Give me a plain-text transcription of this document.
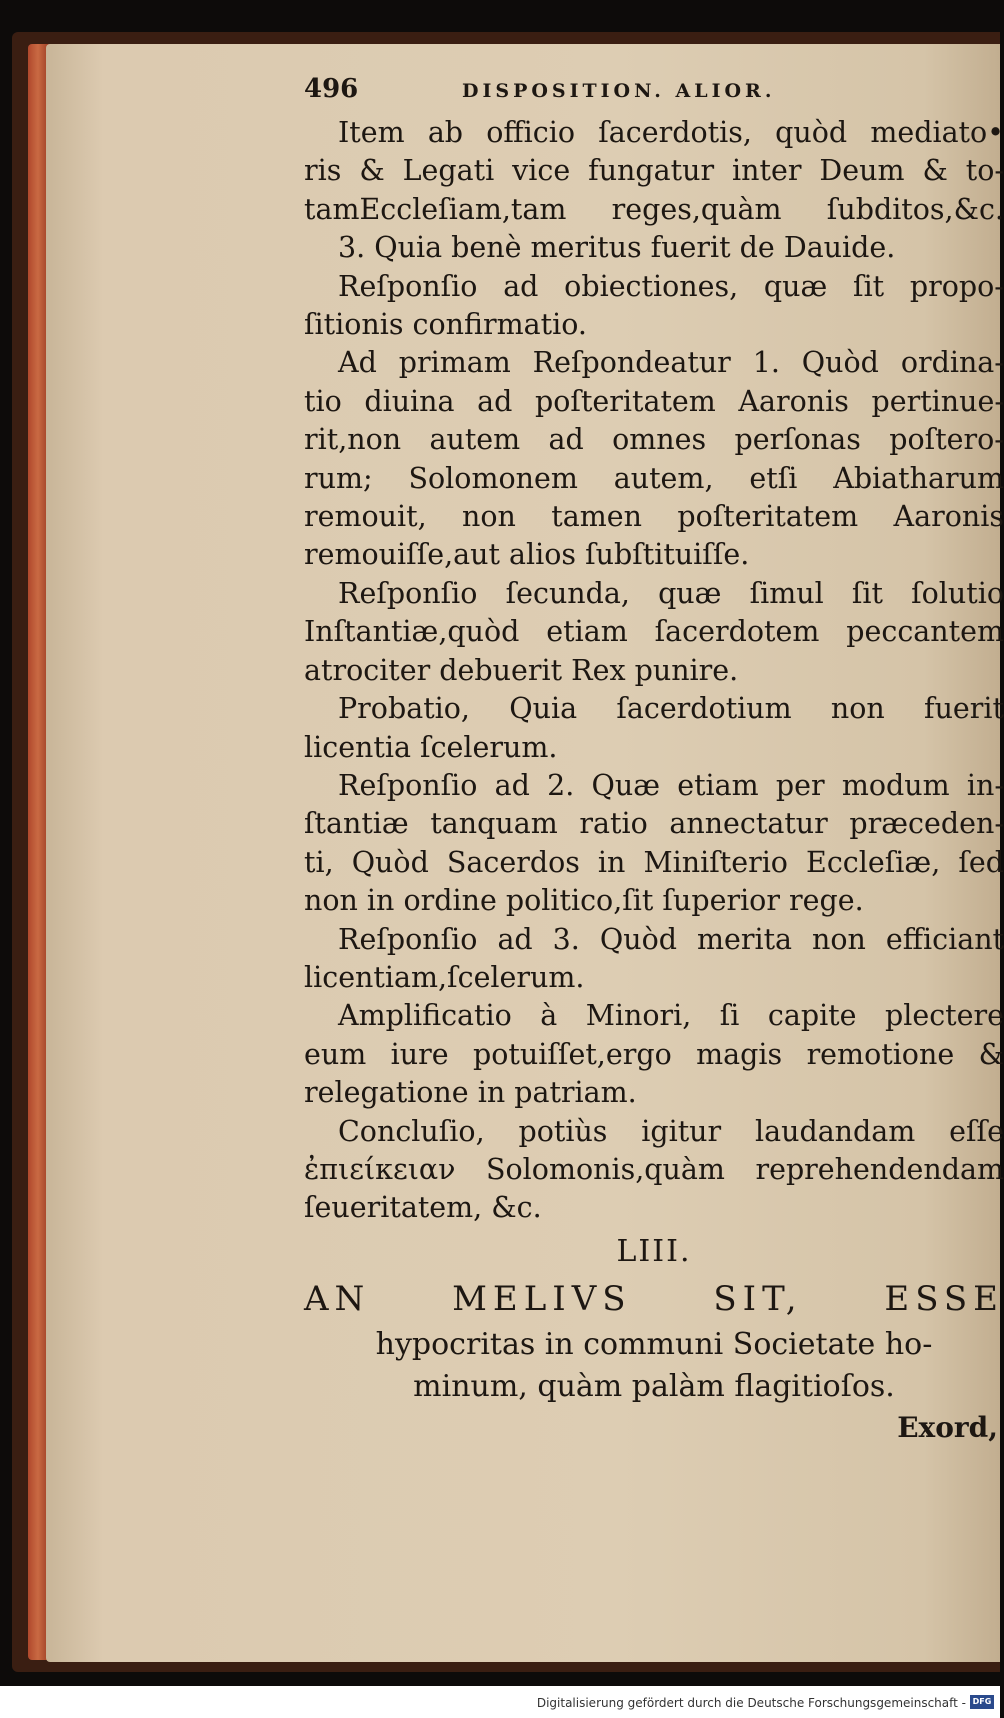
496	DISPOSITION. ALIOR.
Item ab officio ſacerdotis, quòd mediato•
ris & Legati vice fungatur inter Deum & to-
tamEccleſiam,tam reges,quàm ſubditos,&c.
3. Quia benè meritus fuerit de Dauide.
Reſponſio ad obiectiones, quæ ſit propo-
ſitionis confirmatio.
Ad primam Reſpondeatur 1. Quòd ordina-
tio diuina ad poſteritatem Aaronis pertinue-
rit,non autem ad omnes perſonas poſtero-
rum; Solomonem autem, etſi Abiatharum
remouit, non tamen poſteritatem Aaronis
remouiſſe,aut alios ſubſtituiſſe.
Reſponſio ſecunda, quæ ſimul ſit ſolutio
Inſtantiæ,quòd etiam ſacerdotem peccantem
atrociter debuerit Rex punire.
Probatio, Quia ſacerdotium non fuerit
licentia ſcelerum.
Reſponſio ad 2. Quæ etiam per modum in-
ſtantiæ tanquam ratio annectatur præceden-
ti, Quòd Sacerdos in Miniſterio Eccleſiæ, ſed
non in ordine politico,ſit ſuperior rege.
Reſponſio ad 3. Quòd merita non efficiant
licentiam,ſcelerum.
Amplificatio à Minori, ſi capite plectere
eum iure potuiſſet,ergo magis remotione &
relegatione in patriam.
Concluſio, potiùs igitur laudandam eſſe
ἐπιείκειαν Solomonis,quàm reprehendendam
ſeueritatem, &c.
LIII.
AN MELIVS SIT, ESSE
hypocritas in communi Societate ho-
minum, quàm palàm flagitioſos.
Exord,
Digitalisierung gefördert durch die Deutsche Forschungsgemeinschaft - DFG
